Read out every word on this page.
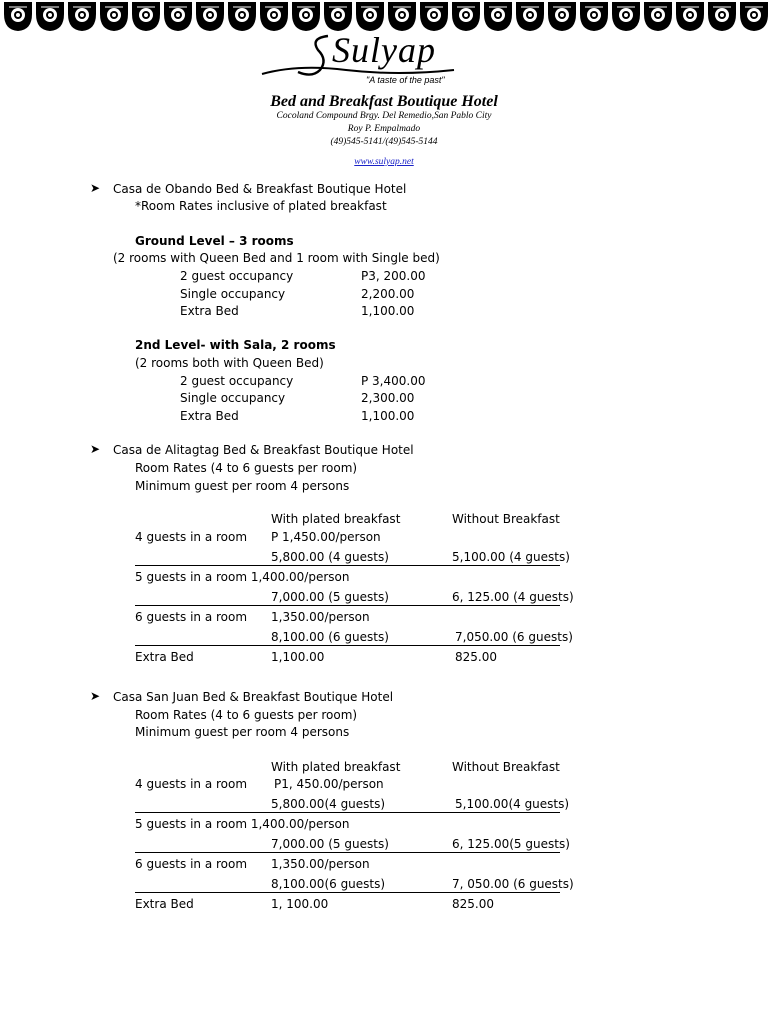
Sulyap
"A taste of the past"
Bed and Breakfast Boutique Hotel
Cocoland Compound Brgy. Del Remedio,San Pablo City
Roy P. Empalmado
(49)545-5141/(49)545-5144
www.sulyap.net
➤ Casa de Obando Bed & Breakfast Boutique Hotel
*Room Rates inclusive of plated breakfast
Ground Level – 3 rooms
(2 rooms with Queen Bed and 1 room with Single bed)
2 guest occupancy	P3, 200.00
Single occupancy	2,200.00
Extra Bed	1,100.00
2nd Level- with Sala, 2 rooms
(2 rooms both with Queen Bed)
2 guest occupancy	P 3,400.00
Single occupancy	2,300.00
Extra Bed	1,100.00
➤ Casa de Alitagtag Bed & Breakfast Boutique Hotel
Room Rates (4 to 6 guests per room)
Minimum guest per room 4 persons
With plated breakfast	Without Breakfast
4 guests in a room P 1,450.00/person
5,800.00 (4 guests)	5,100.00 (4 guests)
5 guests in a room 1,400.00/person
7,000.00 (5 guests)	6, 125.00 (4 guests)
6 guests in a room 1,350.00/person
8,100.00 (6 guests)	7,050.00 (6 guests)
Extra Bed	1,100.00	825.00
➤ Casa San Juan Bed & Breakfast Boutique Hotel
Room Rates (4 to 6 guests per room)
Minimum guest per room 4 persons
With plated breakfast	Without Breakfast
4 guests in a room P1, 450.00/person
5,800.00(4 guests)	5,100.00(4 guests)
5 guests in a room 1,400.00/person
7,000.00 (5 guests)	6, 125.00(5 guests)
6 guests in a room 1,350.00/person
8,100.00(6 guests)	7, 050.00 (6 guests)
Extra Bed	1, 100.00	825.00
